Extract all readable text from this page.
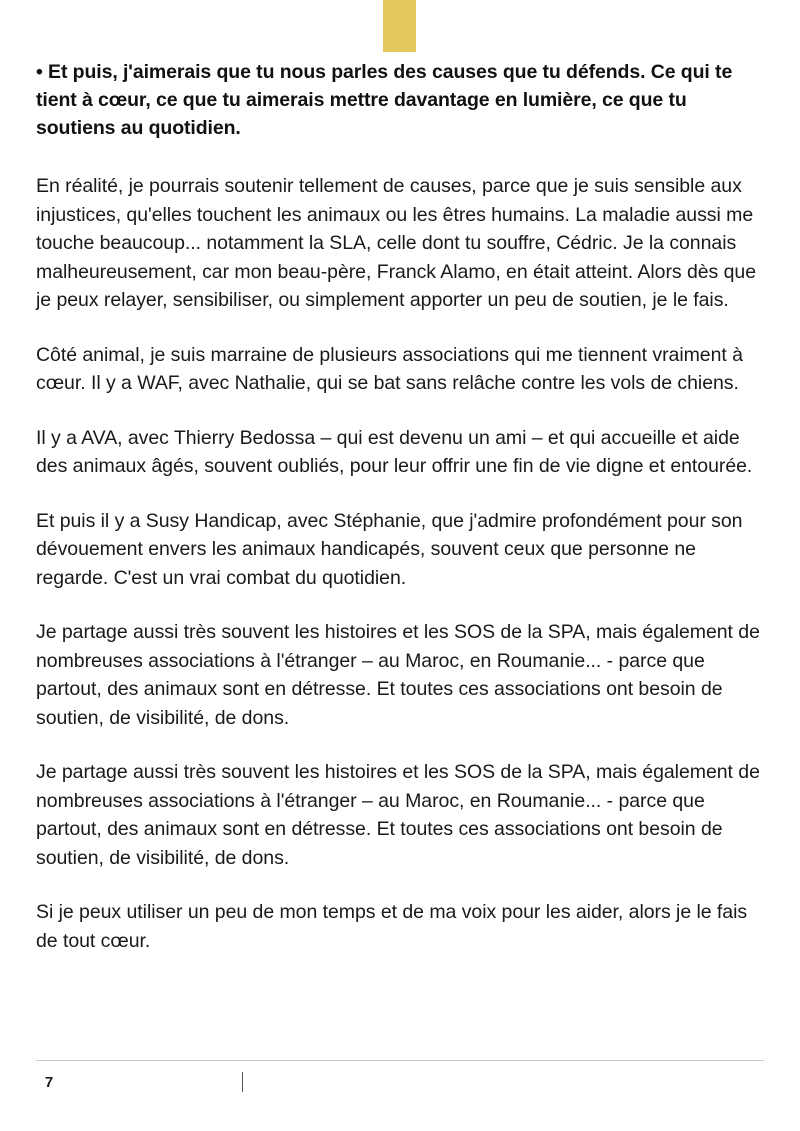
• Et puis, j'aimerais que tu nous parles des causes que tu défends. Ce qui te tient à cœur, ce que tu aimerais mettre davantage en lumière, ce que tu soutiens au quotidien.

En réalité, je pourrais soutenir tellement de causes, parce que je suis sensible aux injustices, qu'elles touchent les animaux ou les êtres humains. La maladie aussi me touche beaucoup... notamment la SLA, celle dont tu souffre, Cédric. Je la connais malheureusement, car mon beau-père, Franck Alamo, en était atteint. Alors dès que je peux relayer, sensibiliser, ou simplement apporter un peu de soutien, je le fais.

Côté animal, je suis marraine de plusieurs associations qui me tiennent vraiment à cœur. Il y a WAF, avec Nathalie, qui se bat sans relâche contre les vols de chiens.

Il y a AVA, avec Thierry Bedossa – qui est devenu un ami – et qui accueille et aide des animaux âgés, souvent oubliés, pour leur offrir une fin de vie digne et entourée.

Et puis il y a Susy Handicap, avec Stéphanie, que j'admire profondément pour son dévouement envers les animaux handicapés, souvent ceux que personne ne regarde. C'est un vrai combat du quotidien.

Je partage aussi très souvent les histoires et les SOS de la SPA, mais également de nombreuses associations à l'étranger – au Maroc, en Roumanie... - parce que partout, des animaux sont en détresse. Et toutes ces associations ont besoin de soutien, de visibilité, de dons.

Je partage aussi très souvent les histoires et les SOS de la SPA, mais également de nombreuses associations à l'étranger – au Maroc, en Roumanie... - parce que partout, des animaux sont en détresse. Et toutes ces associations ont besoin de soutien, de visibilité, de dons.

Si je peux utiliser un peu de mon temps et de ma voix pour les aider, alors je le fais de tout cœur.

7
